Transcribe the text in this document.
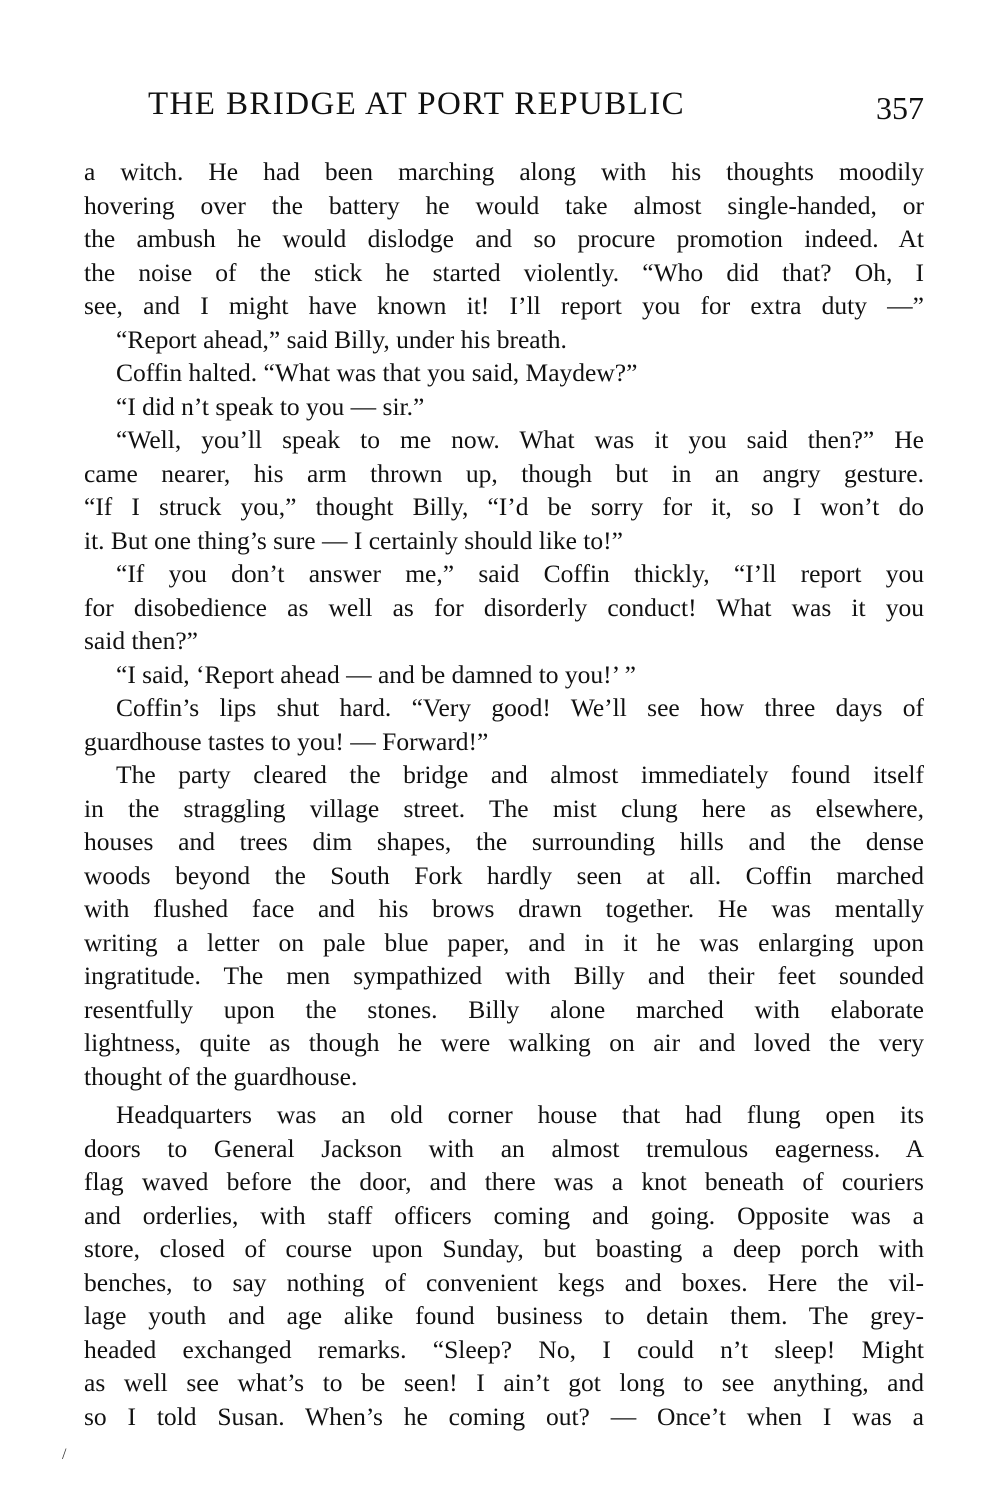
THE BRIDGE AT PORT REPUBLIC	357
a witch. He had been marching along with his thoughts moodily
hovering over the battery he would take almost single-handed, or
the ambush he would dislodge and so procure promotion indeed. At
the noise of the stick he started violently. “Who did that? Oh, I
see, and I might have known it! I’ll report you for extra duty —”
“Report ahead,” said Billy, under his breath.
Coffin halted. “What was that you said, Maydew?”
“I did n’t speak to you — sir.”
“Well, you’ll speak to me now. What was it you said then?” He
came nearer, his arm thrown up, though but in an angry gesture.
“If I struck you,” thought Billy, “I’d be sorry for it, so I won’t do
it. But one thing’s sure — I certainly should like to!”
“If you don’t answer me,” said Coffin thickly, “I’ll report you
for disobedience as well as for disorderly conduct! What was it you
said then?”
“I said, ‘Report ahead — and be damned to you!’ ”
Coffin’s lips shut hard. “Very good! We’ll see how three days of
guardhouse tastes to you! — Forward!”
The party cleared the bridge and almost immediately found itself
in the straggling village street. The mist clung here as elsewhere,
houses and trees dim shapes, the surrounding hills and the dense
woods beyond the South Fork hardly seen at all. Coffin marched
with flushed face and his brows drawn together. He was mentally
writing a letter on pale blue paper, and in it he was enlarging upon
ingratitude. The men sympathized with Billy and their feet sounded
resentfully upon the stones. Billy alone marched with elaborate
lightness, quite as though he were walking on air and loved the very
thought of the guardhouse.
Headquarters was an old corner house that had flung open its
doors to General Jackson with an almost tremulous eagerness. A
flag waved before the door, and there was a knot beneath of couriers
and orderlies, with staff officers coming and going. Opposite was a
store, closed of course upon Sunday, but boasting a deep porch with
benches, to say nothing of convenient kegs and boxes. Here the vil-
lage youth and age alike found business to detain them. The grey-
headed exchanged remarks. “Sleep? No, I could n’t sleep! Might
as well see what’s to be seen! I ain’t got long to see anything, and
so I told Susan. When’s he coming out? — Once’t when I was a
/
